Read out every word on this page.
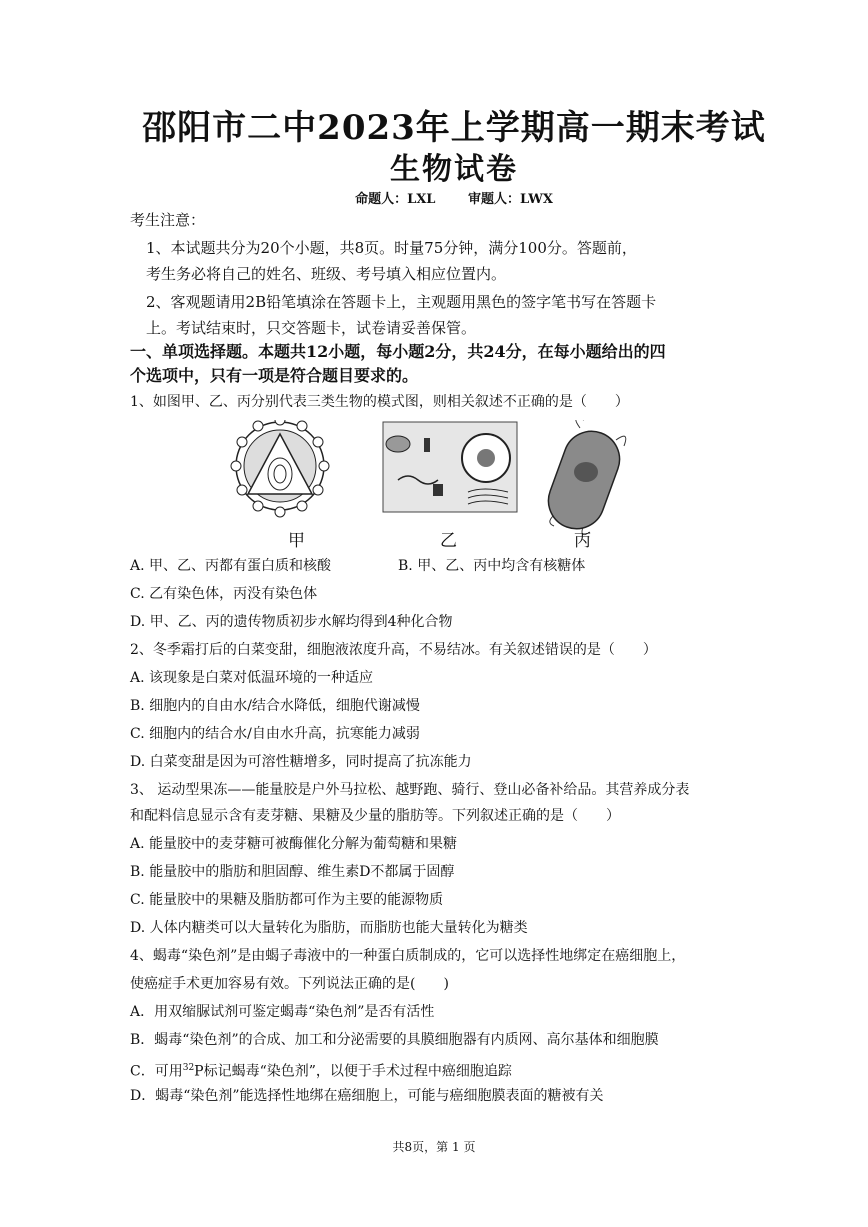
邵阳市二中2023年上学期高一期末考试
生物试卷
命题人：LXL	审题人：LWX
考生注意：
1、本试题共分为20个小题，共8页。时量75分钟，满分100分。答题前，
考生务必将自己的姓名、班级、考号填入相应位置内。
2、客观题请用2B铅笔填涂在答题卡上，主观题用黑色的签字笔书写在答题卡
上。考试结束时，只交答题卡，试卷请妥善保管。
一、单项选择题。本题共12小题，每小题2分，共24分，在每小题给出的四
个选项中，只有一项是符合题目要求的。
1、如图甲、乙、丙分别代表三类生物的模式图，则相关叙述不正确的是（　　）
甲	乙	丙
A. 甲、乙、丙都有蛋白质和核酸	B. 甲、乙、丙中均含有核糖体
C. 乙有染色体，丙没有染色体
D. 甲、乙、丙的遗传物质初步水解均得到4种化合物
2、冬季霜打后的白菜变甜，细胞液浓度升高，不易结冰。有关叙述错误的是（　　）
A. 该现象是白菜对低温环境的一种适应
B. 细胞内的自由水/结合水降低，细胞代谢减慢
C. 细胞内的结合水/自由水升高，抗寒能力减弱
D. 白菜变甜是因为可溶性糖增多，同时提高了抗冻能力
3、 运动型果冻——能量胶是户外马拉松、越野跑、骑行、登山必备补给品。其营养成分表
和配料信息显示含有麦芽糖、果糖及少量的脂肪等。下列叙述正确的是（　　）
A. 能量胶中的麦芽糖可被酶催化分解为葡萄糖和果糖
B. 能量胶中的脂肪和胆固醇、维生素D不都属于固醇
C. 能量胶中的果糖及脂肪都可作为主要的能源物质
D. 人体内糖类可以大量转化为脂肪，而脂肪也能大量转化为糖类
4、蝎毒“染色剂”是由蝎子毒液中的一种蛋白质制成的，它可以选择性地绑定在癌细胞上，
使癌症手术更加容易有效。下列说法正确的是(　　)
A．用双缩脲试剂可鉴定蝎毒“染色剂”是否有活性
B．蝎毒“染色剂”的合成、加工和分泌需要的具膜细胞器有内质网、高尔基体和细胞膜
C．可用$^{32}$P标记蝎毒“染色剂”，以便于手术过程中癌细胞追踪
D．蝎毒“染色剂”能选择性地绑在癌细胞上，可能与癌细胞膜表面的糖被有关
共8页，第 1 页
